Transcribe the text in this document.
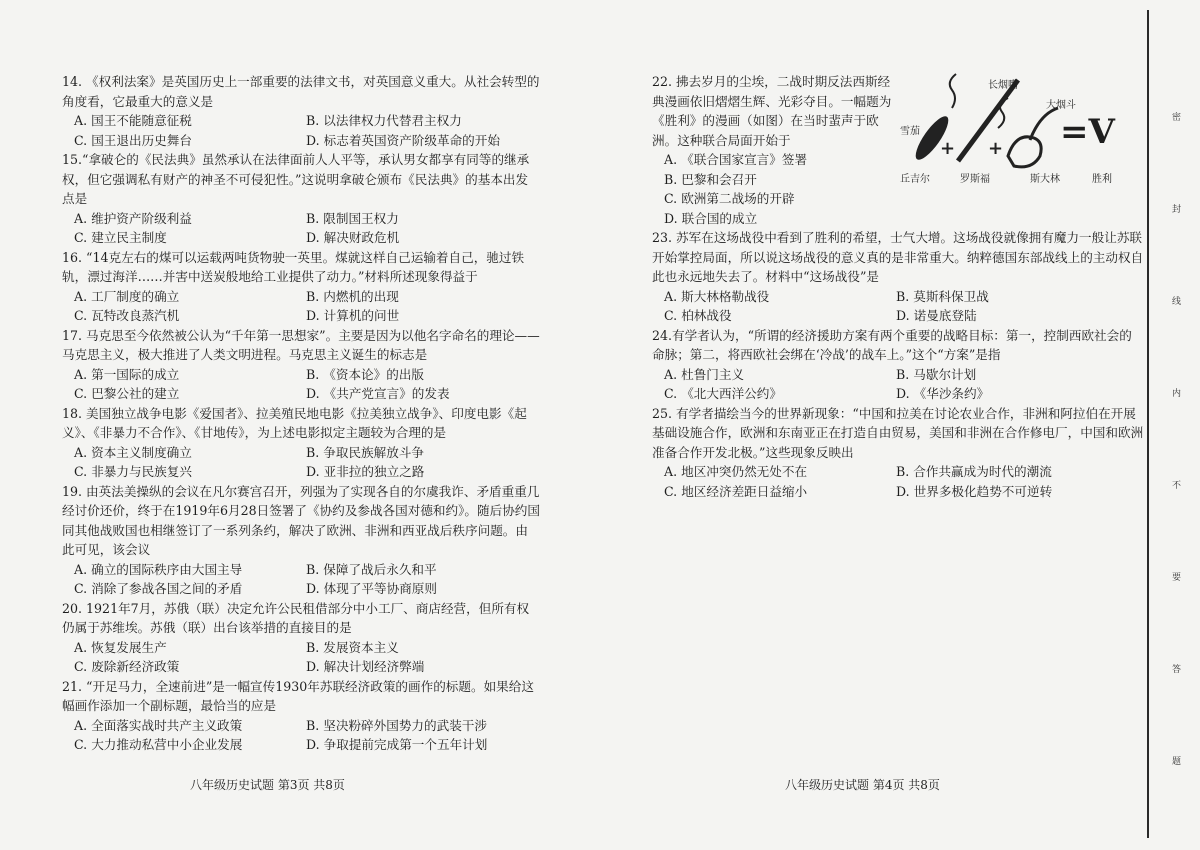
14. 《权利法案》是英国历史上一部重要的法律文书，对英国意义重大。从社会转型的角度看，它最重大的意义是

A. 国王不能随意征税	B. 以法律权力代替君主权力
C. 国王退出历史舞台	D. 标志着英国资产阶级革命的开始

15.“拿破仑的《民法典》虽然承认在法律面前人人平等，承认男女都享有同等的继承权，但它强调私有财产的神圣不可侵犯性。”这说明拿破仑颁布《民法典》的基本出发点是

A. 维护资产阶级利益	B. 限制国王权力
C. 建立民主制度	D. 解决财政危机

16. “14克左右的煤可以运载两吨货物驶一英里。煤就这样自己运输着自己，驰过铁轨，漂过海洋……并害中送炭般地给工业提供了动力。”材料所述现象得益于

A. 工厂制度的确立	B. 内燃机的出现
C. 瓦特改良蒸汽机	D. 计算机的问世

17. 马克思至今依然被公认为“千年第一思想家”。主要是因为以他名字命名的理论——马克思主义，极大推进了人类文明进程。马克思主义诞生的标志是

A. 第一国际的成立	B. 《资本论》的出版
C. 巴黎公社的建立	D. 《共产党宣言》的发表

18. 美国独立战争电影《爱国者》、拉美殖民地电影《拉美独立战争》、印度电影《起义》、《非暴力不合作》、《甘地传》，为上述电影拟定主题较为合理的是

A. 资本主义制度确立	B. 争取民族解放斗争
C. 非暴力与民族复兴	D. 亚非拉的独立之路

19. 由英法美操纵的会议在凡尔赛宫召开，列强为了实现各自的尔虞我诈、矛盾重重几经讨价还价，终于在1919年6月28日签署了《协约及参战各国对德和约》。随后协约国同其他战败国也相继签订了一系列条约，解决了欧洲、非洲和西亚战后秩序问题。由此可见，该会议

A. 确立的国际秩序由大国主导	B. 保障了战后永久和平
C. 消除了参战各国之间的矛盾	D. 体现了平等协商原则

20. 1921年7月，苏俄（联）决定允许公民租借部分中小工厂、商店经营，但所有权仍属于苏维埃。苏俄（联）出台该举措的直接目的是

A. 恢复发展生产	B. 发展资本主义
C. 废除新经济政策	D. 解决计划经济弊端

21. “开足马力，全速前进”是一幅宣传1930年苏联经济政策的画作的标题。如果给这幅画作添加一个副标题，最恰当的应是

A. 全面落实战时共产主义政策	B. 坚决粉碎外国势力的武装干涉
C. 大力推动私营中小企业发展	D. 争取提前完成第一个五年计划
八年级历史试题 第3页 共8页

22. 拂去岁月的尘埃，二战时期反法西斯经典漫画依旧熠熠生辉、光彩夺目。一幅题为《胜利》的漫画（如图）在当时蜚声于欧洲。这种联合局面开始于

A. 《联合国家宣言》签署
B. 巴黎和会召开
C. 欧洲第二战场的开辟
D. 联合国的成立
+ +
长烟嘴
大烟斗
雪茄	=V
丘吉尔	罗斯福	斯大林	胜利

23. 苏军在这场战役中看到了胜利的希望，士气大增。这场战役就像拥有魔力一般让苏联开始掌控局面，所以说这场战役的意义真的是非常重大。纳粹德国东部战线上的主动权自此也永远地失去了。材料中“这场战役”是

A. 斯大林格勒战役	B. 莫斯科保卫战
C. 柏林战役	D. 诺曼底登陆

24.有学者认为，“所谓的经济援助方案有两个重要的战略目标：第一，控制西欧社会的命脉；第二，将西欧社会绑在‘冷战’的战车上。”这个“方案”是指

A. 杜鲁门主义	B. 马歇尔计划
C. 《北大西洋公约》	D. 《华沙条约》

25. 有学者描绘当今的世界新现象：“中国和拉美在讨论农业合作，非洲和阿拉伯在开展基础设施合作，欧洲和东南亚正在打造自由贸易，美国和非洲在合作修电厂，中国和欧洲准备合作开发北极。”这些现象反映出

A. 地区冲突仍然无处不在	B. 合作共赢成为时代的潮流
C. 地区经济差距日益缩小	D. 世界多极化趋势不可逆转
八年级历史试题 第4页 共8页
密
封
线
内
不
要
答
题
